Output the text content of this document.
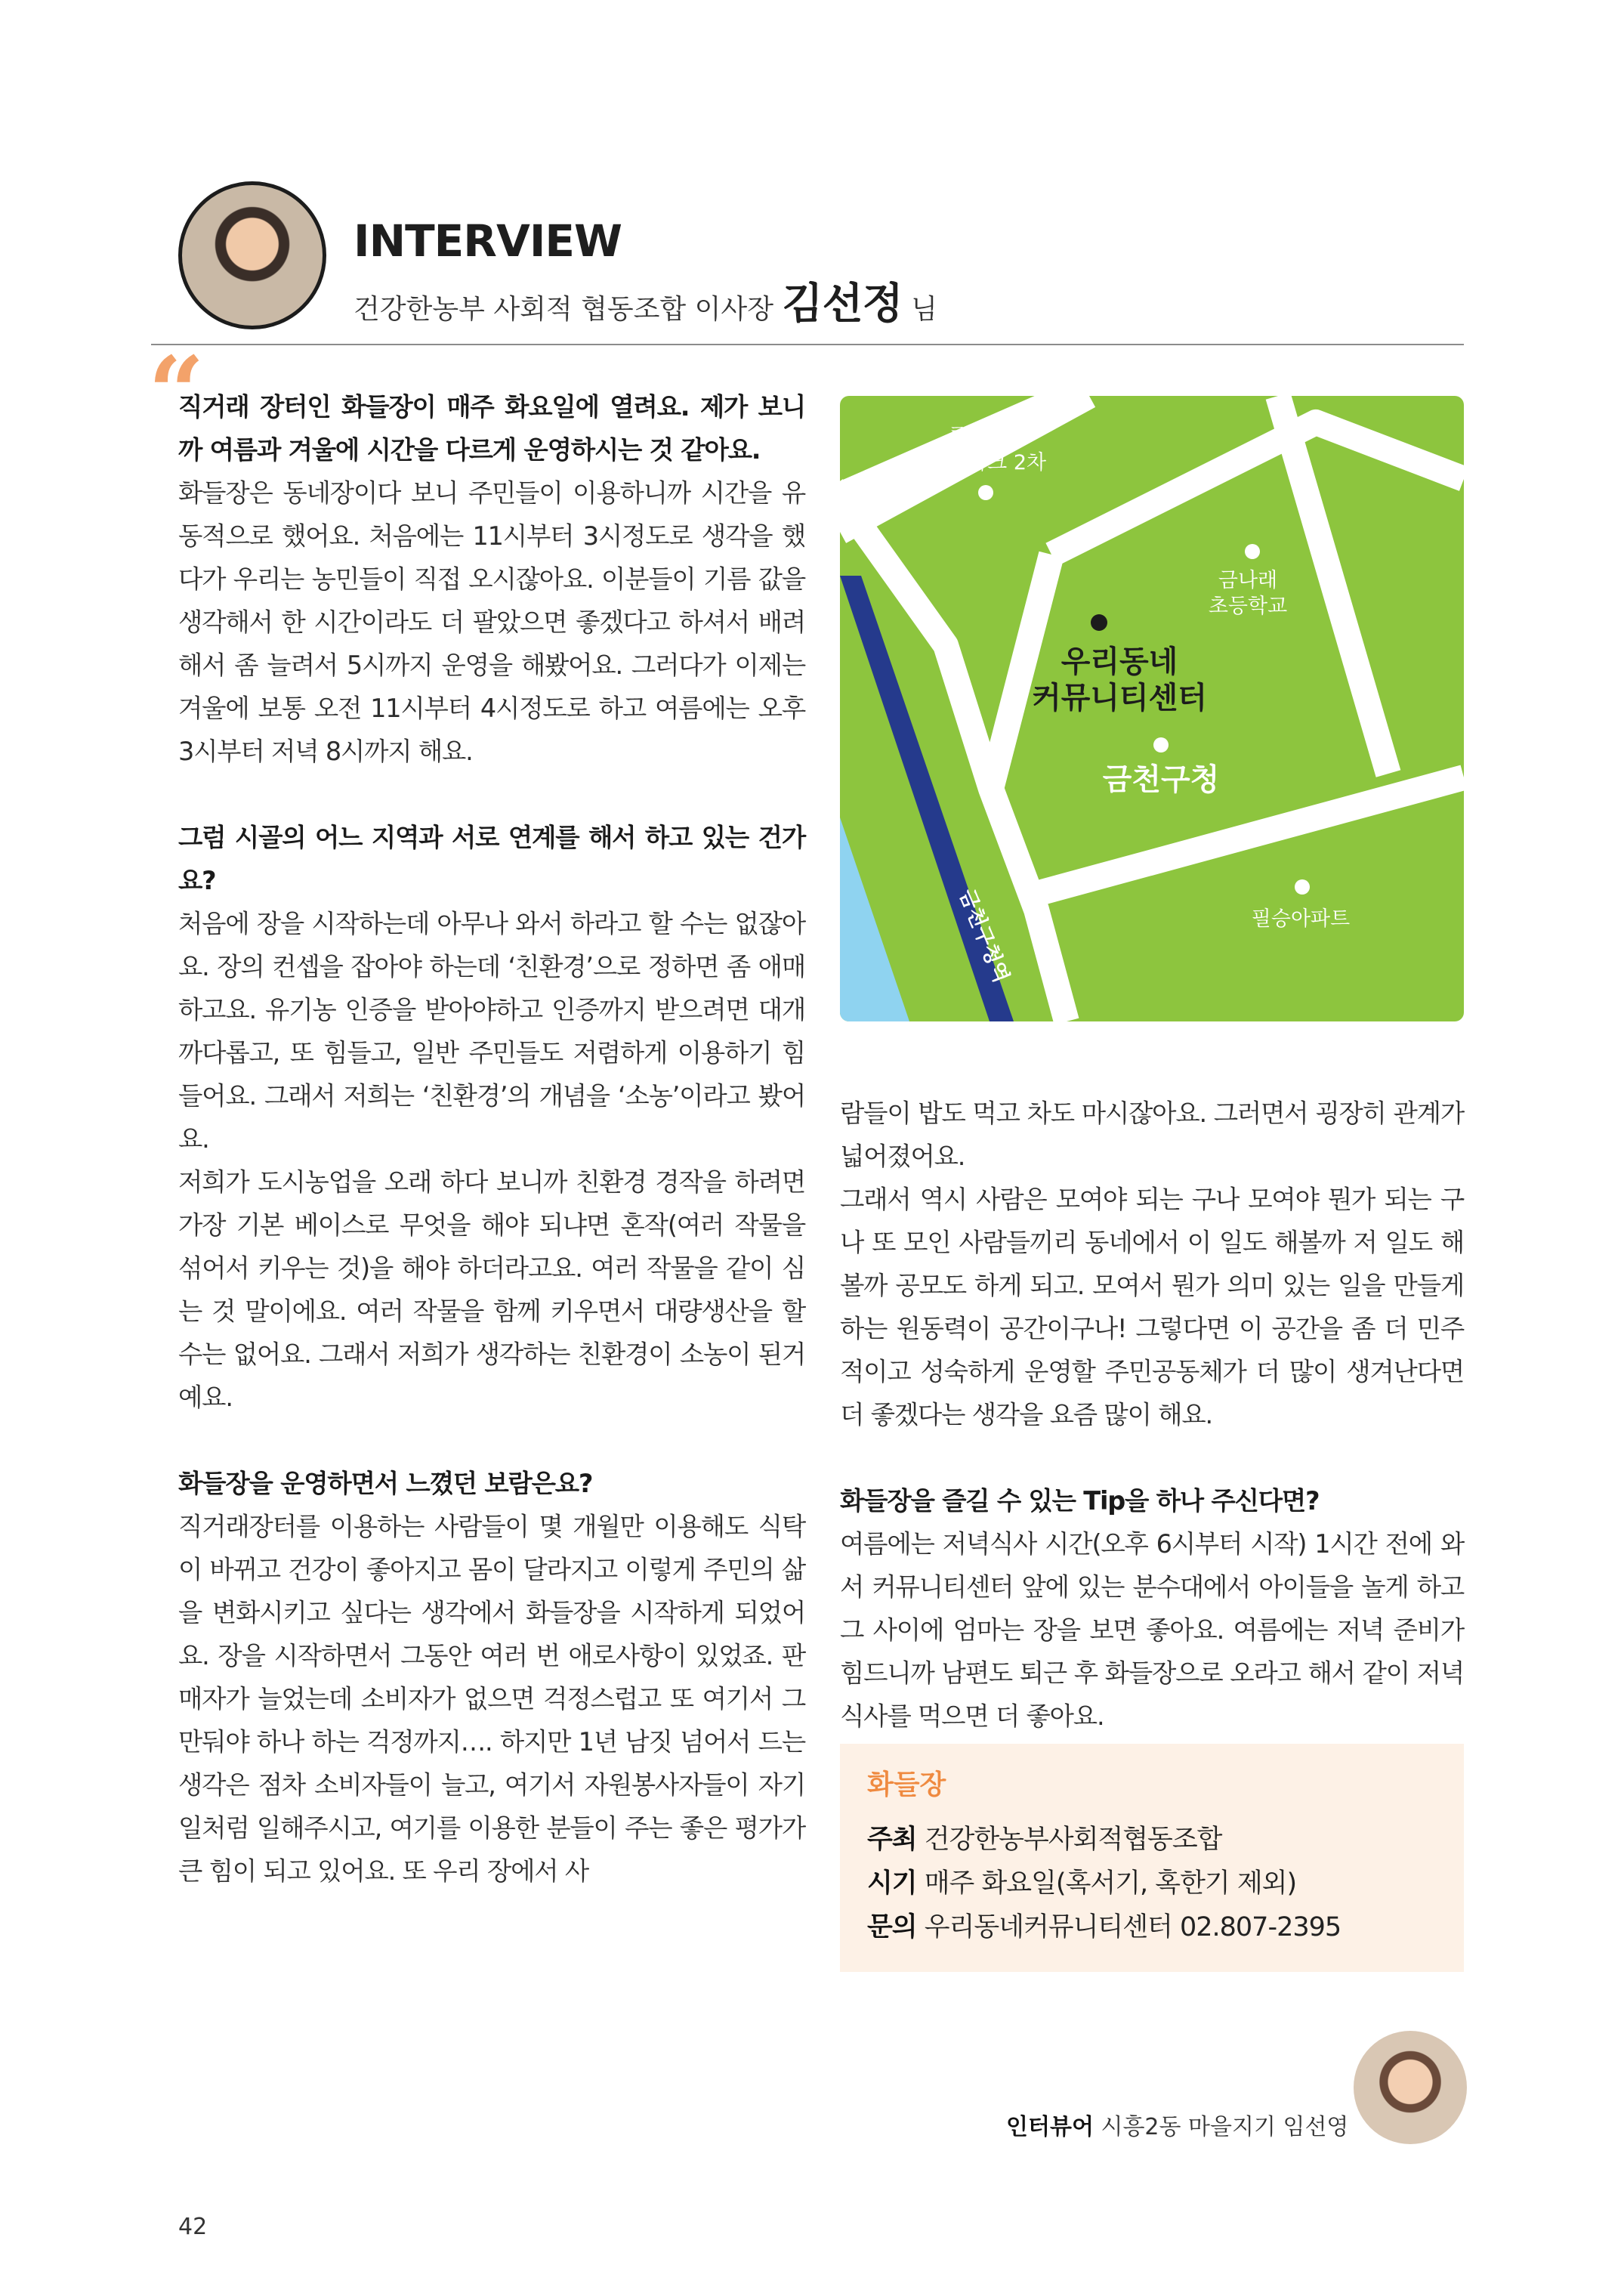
INTERVIEW
건강한농부 사회적 협동조합 이사장 김선정 님
“

직거래 장터인 화들장이 매주 화요일에 열려요. 제가 보니 까 여름과 겨울에 시간을 다르게 운영하시는 것 같아요.

화들장은 동네장이다 보니 주민들이 이용하니까 시간을 유동적으로 했어요. 처음에는 11시부터 3시정도로 생각을 했다가 우리는 농민들이 직접 오시잖아요. 이분들이 기름 값을 생각해서 한 시간이라도 더 팔았으면 좋겠다고 하셔서 배려해서 좀 늘려서 5시까지 운영을 해봤어요. 그러다가 이제는 겨울에 보통 오전 11시부터 4시정도로 하고 여름에는 오후 3시부터 저녁 8시까지 해요.

그럼 시골의 어느 지역과 서로 연계를 해서 하고 있는 건가요?

처음에 장을 시작하는데 아무나 와서 하라고 할 수는 없잖아요. 장의 컨셉을 잡아야 하는데 ‘친환경’으로 정하면 좀 애매하고요. 유기농 인증을 받아야하고 인증까지 받으려면 대개 까다롭고, 또 힘들고, 일반 주민들도 저렴하게 이용하기 힘들어요. 그래서 저희는 ‘친환경’의 개념을 ‘소농’이라고 봤어요.

저희가 도시농업을 오래 하다 보니까 친환경 경작을 하려면 가장 기본 베이스로 무엇을 해야 되냐면 혼작(여러 작물을 섞어서 키우는 것)을 해야 하더라고요. 여러 작물을 같이 심는 것 말이에요. 여러 작물을 함께 키우면서 대량생산을 할 수는 없어요. 그래서 저희가 생각하는 친환경이 소농이 된거예요.

화들장을 운영하면서 느꼈던 보람은요?

직거래장터를 이용하는 사람들이 몇 개월만 이용해도 식탁이 바뀌고 건강이 좋아지고 몸이 달라지고 이렇게 주민의 삶을 변화시키고 싶다는 생각에서 화들장을 시작하게 되었어요. 장을 시작하면서 그동안 여러 번 애로사항이 있었죠. 판매자가 늘었는데 소비자가 없으면 걱정스럽고 또 여기서 그만둬야 하나 하는 걱정까지…. 하지만 1년 남짓 넘어서 드는 생각은 점차 소비자들이 늘고, 여기서 자원봉사자들이 자기 일처럼 일해주시고, 여기를 이용한 분들이 주는 좋은 평가가 큰 힘이 되고 있어요. 또 우리 장에서 사

롯데캐슬
골드파크 2차
금나래
초등학교
우리동네
커뮤니티센터
금천구청
필승아파트
금천구청역

람들이 밥도 먹고 차도 마시잖아요. 그러면서 굉장히 관계가 넓어졌어요.

그래서 역시 사람은 모여야 되는 구나 모여야 뭔가 되는 구나 또 모인 사람들끼리 동네에서 이 일도 해볼까 저 일도 해볼까 공모도 하게 되고. 모여서 뭔가 의미 있는 일을 만들게 하는 원동력이 공간이구나! 그렇다면 이 공간을 좀 더 민주적이고 성숙하게 운영할 주민공동체가 더 많이 생겨난다면 더 좋겠다는 생각을 요즘 많이 해요.

화들장을 즐길 수 있는 Tip을 하나 주신다면?

여름에는 저녁식사 시간(오후 6시부터 시작) 1시간 전에 와서 커뮤니티센터 앞에 있는 분수대에서 아이들을 놀게 하고 그 사이에 엄마는 장을 보면 좋아요. 여름에는 저녁 준비가 힘드니까 남편도 퇴근 후 화들장으로 오라고 해서 같이 저녁식사를 먹으면 더 좋아요.

화들장
주최 건강한농부사회적협동조합
시기 매주 화요일(혹서기, 혹한기 제외)
문의 우리동네커뮤니티센터 02.807-2395
인터뷰어 시흥2동 마을지기 임선영
42
